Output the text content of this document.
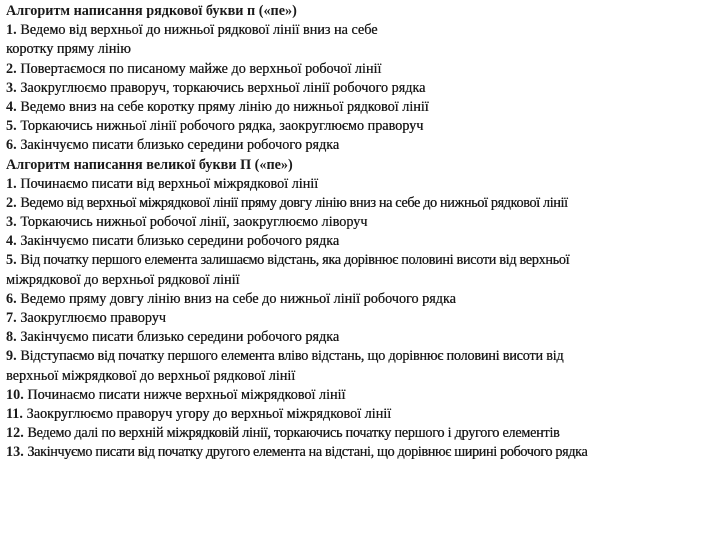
Алгоритм написання рядкової букви п («пе»)
1. Ведемо від верхньої до нижньої рядкової лінії вниз на себе
коротку пряму лінію
2. Повертаємося по писаному майже до верхньої робочої лінії
3. Заокруглюємо праворуч, торкаючись верхньої лінії робочого рядка
4. Ведемо вниз на себе коротку пряму лінію до нижньої рядкової лінії
5. Торкаючись нижньої лінії робочого рядка, заокруглюємо праворуч
6. Закінчуємо писати близько середини робочого рядка
Алгоритм написання великої букви П («пе»)
1. Починаємо писати від верхньої міжрядкової лінії
2. Ведемо від верхньої міжрядкової лінії пряму довгу лінію вниз на себе до нижньої рядкової лінії
3. Торкаючись нижньої робочої лінії, заокруглюємо ліворуч
4. Закінчуємо писати близько середини робочого рядка
5. Від початку першого елемента залишаємо відстань, яка дорівнює половині висоти від верхньої
міжрядкової до верхньої рядкової лінії
6. Ведемо пряму довгу лінію вниз на себе до нижньої лінії робочого рядка
7. Заокруглюємо праворуч
8. Закінчуємо писати близько середини робочого рядка
9. Відступаємо від початку першого елемента вліво відстань, що дорівнює половині висоти від
верхньої міжрядкової до верхньої рядкової лінії
10. Починаємо писати нижче верхньої міжрядкової лінії
11. Заокруглюємо праворуч угору до верхньої міжрядкової лінії
12. Ведемо далі по верхній міжрядковій лінії, торкаючись початку першого і другого елементів
13. Закінчуємо писати від початку другого елемента на відстані, що дорівнює ширині робочого рядка
